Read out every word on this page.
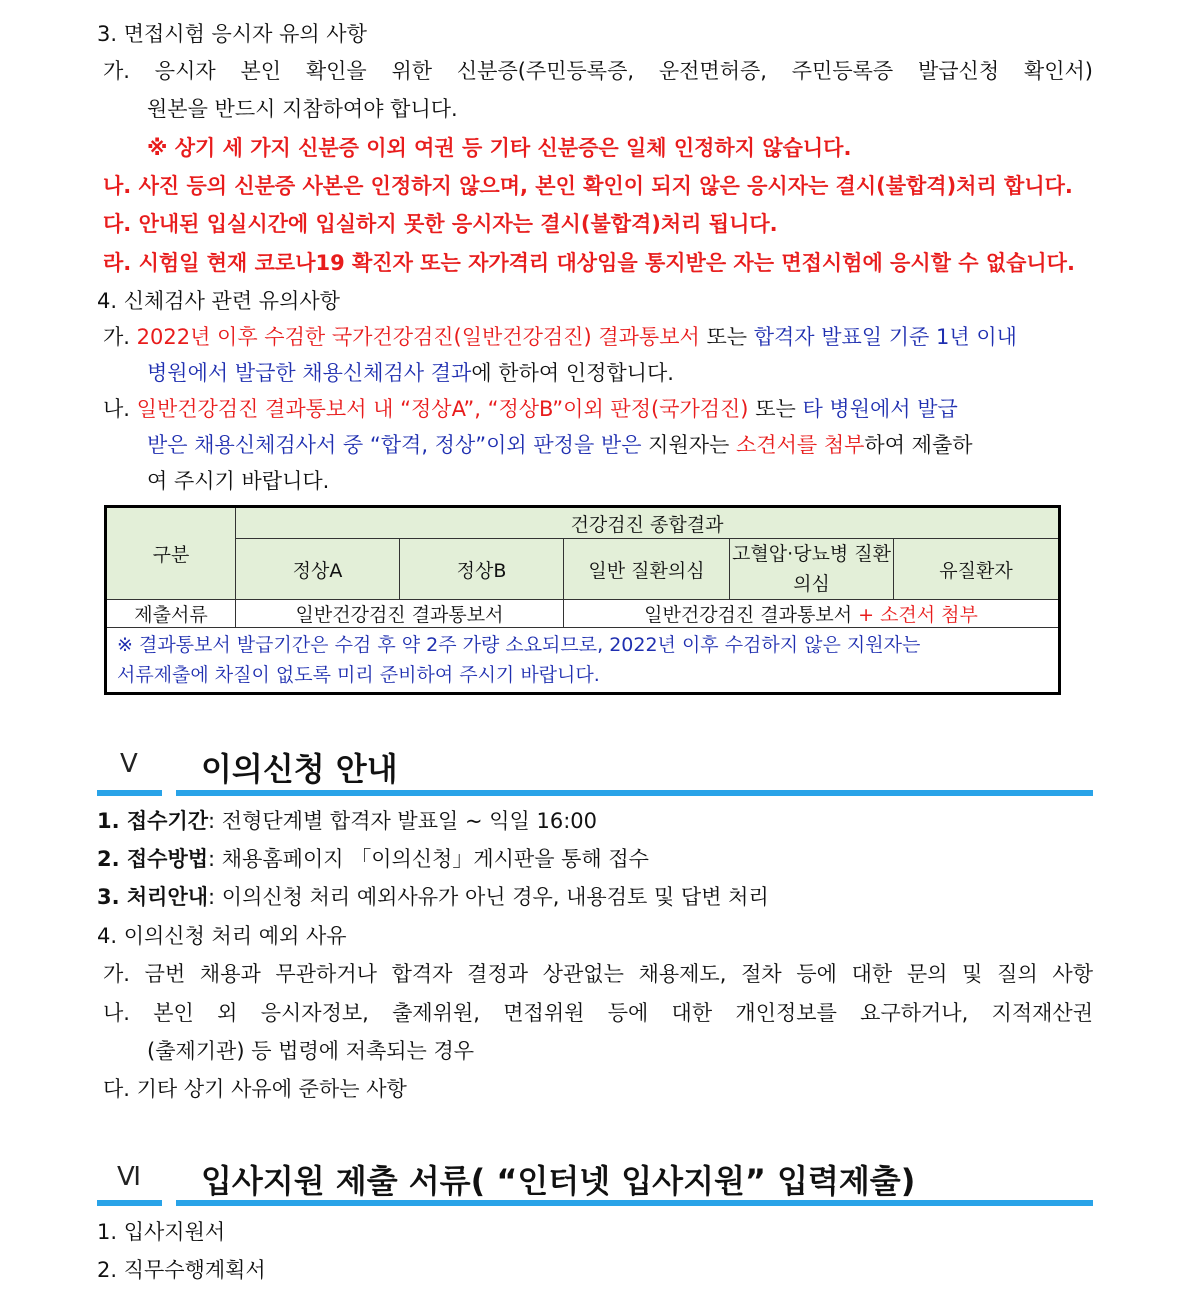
3. 면접시험 응시자 유의 사항
가. 응시자 본인 확인을 위한 신분증(주민등록증, 운전면허증, 주민등록증 발급신청 확인서)
원본을 반드시 지참하여야 합니다.
※ 상기 세 가지 신분증 이외 여권 등 기타 신분증은 일체 인정하지 않습니다.
나. 사진 등의 신분증 사본은 인정하지 않으며, 본인 확인이 되지 않은 응시자는 결시(불합격)처리 합니다.
다. 안내된 입실시간에 입실하지 못한 응시자는 결시(불합격)처리 됩니다.
라. 시험일 현재 코로나19 확진자 또는 자가격리 대상임을 통지받은 자는 면접시험에 응시할 수 없습니다.
4. 신체검사 관련 유의사항
가. 2022년 이후 수검한 국가건강검진(일반건강검진) 결과통보서 또는 합격자 발표일 기준 1년 이내
병원에서 발급한 채용신체검사 결과에 한하여 인정합니다.
나. 일반건강검진 결과통보서 내 “정상A”, “정상B”이외 판정(국가검진) 또는 타 병원에서 발급
받은 채용신체검사서 중 “합격, 정상”이외 판정을 받은 지원자는 소견서를 첨부하여 제출하
여 주시기 바랍니다.
구분	건강검진 종합결과				
	정상A	정상B	일반 질환의심	고혈압·당뇨병 질환의심	유질환자
제출서류	일반건강검진 결과통보서		일반건강검진 결과통보서 + 소견서 첨부		

※ 결과통보서 발급기간은 수검 후 약 2주 가량 소요되므로, 2022년 이후 수검하지 않은 지원자는
서류제출에 차질이 없도록 미리 준비하여 주시기 바랍니다.					
Ⅴ 이의신청 안내
1. 접수기간: 전형단계별 합격자 발표일 ~ 익일 16:00
2. 접수방법: 채용홈페이지 「이의신청」게시판을 통해 접수
3. 처리안내: 이의신청 처리 예외사유가 아닌 경우, 내용검토 및 답변 처리
4. 이의신청 처리 예외 사유
가. 금번 채용과 무관하거나 합격자 결정과 상관없는 채용제도, 절차 등에 대한 문의 및 질의 사항
나. 본인 외 응시자정보, 출제위원, 면접위원 등에 대한 개인정보를 요구하거나, 지적재산권
(출제기관) 등 법령에 저촉되는 경우
다. 기타 상기 사유에 준하는 사항
Ⅵ 입사지원 제출 서류( “인터넷 입사지원” 입력제출)
1. 입사지원서
2. 직무수행계획서
